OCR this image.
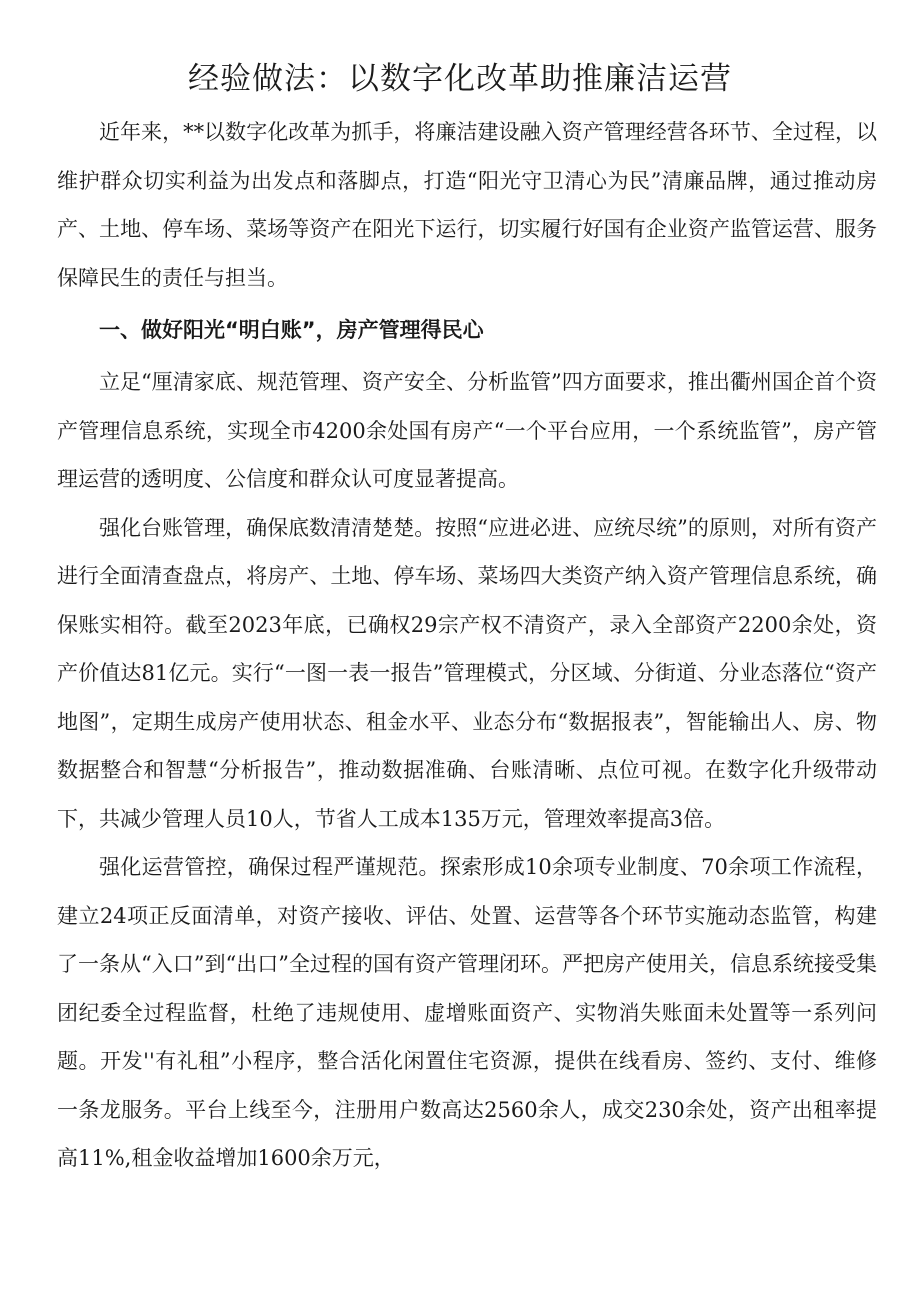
经验做法：以数字化改革助推廉洁运营

近年来，**以数字化改革为抓手，将廉洁建设融入资产管理经营各环节、全过程，以维护群众切实利益为出发点和落脚点，打造“阳光守卫清心为民”清廉品牌，通过推动房产、土地、停车场、菜场等资产在阳光下运行，切实履行好国有企业资产监管运营、服务保障民生的责任与担当。

一、做好阳光“明白账”，房产管理得民心

立足“厘清家底、规范管理、资产安全、分析监管”四方面要求，推出衢州国企首个资产管理信息系统，实现全市4200余处国有房产“一个平台应用，一个系统监管”，房产管理运营的透明度、公信度和群众认可度显著提高。

强化台账管理，确保底数清清楚楚。按照“应进必进、应统尽统”的原则，对所有资产进行全面清查盘点，将房产、土地、停车场、菜场四大类资产纳入资产管理信息系统，确保账实相符。截至2023年底，已确权29宗产权不清资产，录入全部资产2200余处，资产价值达81亿元。实行“一图一表一报告”管理模式，分区域、分街道、分业态落位“资产地图”，定期生成房产使用状态、租金水平、业态分布“数据报表”，智能输出人、房、物数据整合和智慧“分析报告”，推动数据准确、台账清晰、点位可视。在数字化升级带动下，共减少管理人员10人，节省人工成本135万元，管理效率提高3倍。

强化运营管控，确保过程严谨规范。探索形成10余项专业制度、70余项工作流程，建立24项正反面清单，对资产接收、评估、处置、运营等各个环节实施动态监管，构建了一条从“入口”到“出口”全过程的国有资产管理闭环。严把房产使用关，信息系统接受集团纪委全过程监督，杜绝了违规使用、虚增账面资产、实物消失账面未处置等一系列问题。开发''有礼租”小程序，整合活化闲置住宅资源，提供在线看房、签约、支付、维修一条龙服务。平台上线至今，注册用户数高达2560余人，成交230余处，资产出租率提高11%,租金收益增加1600余万元，
